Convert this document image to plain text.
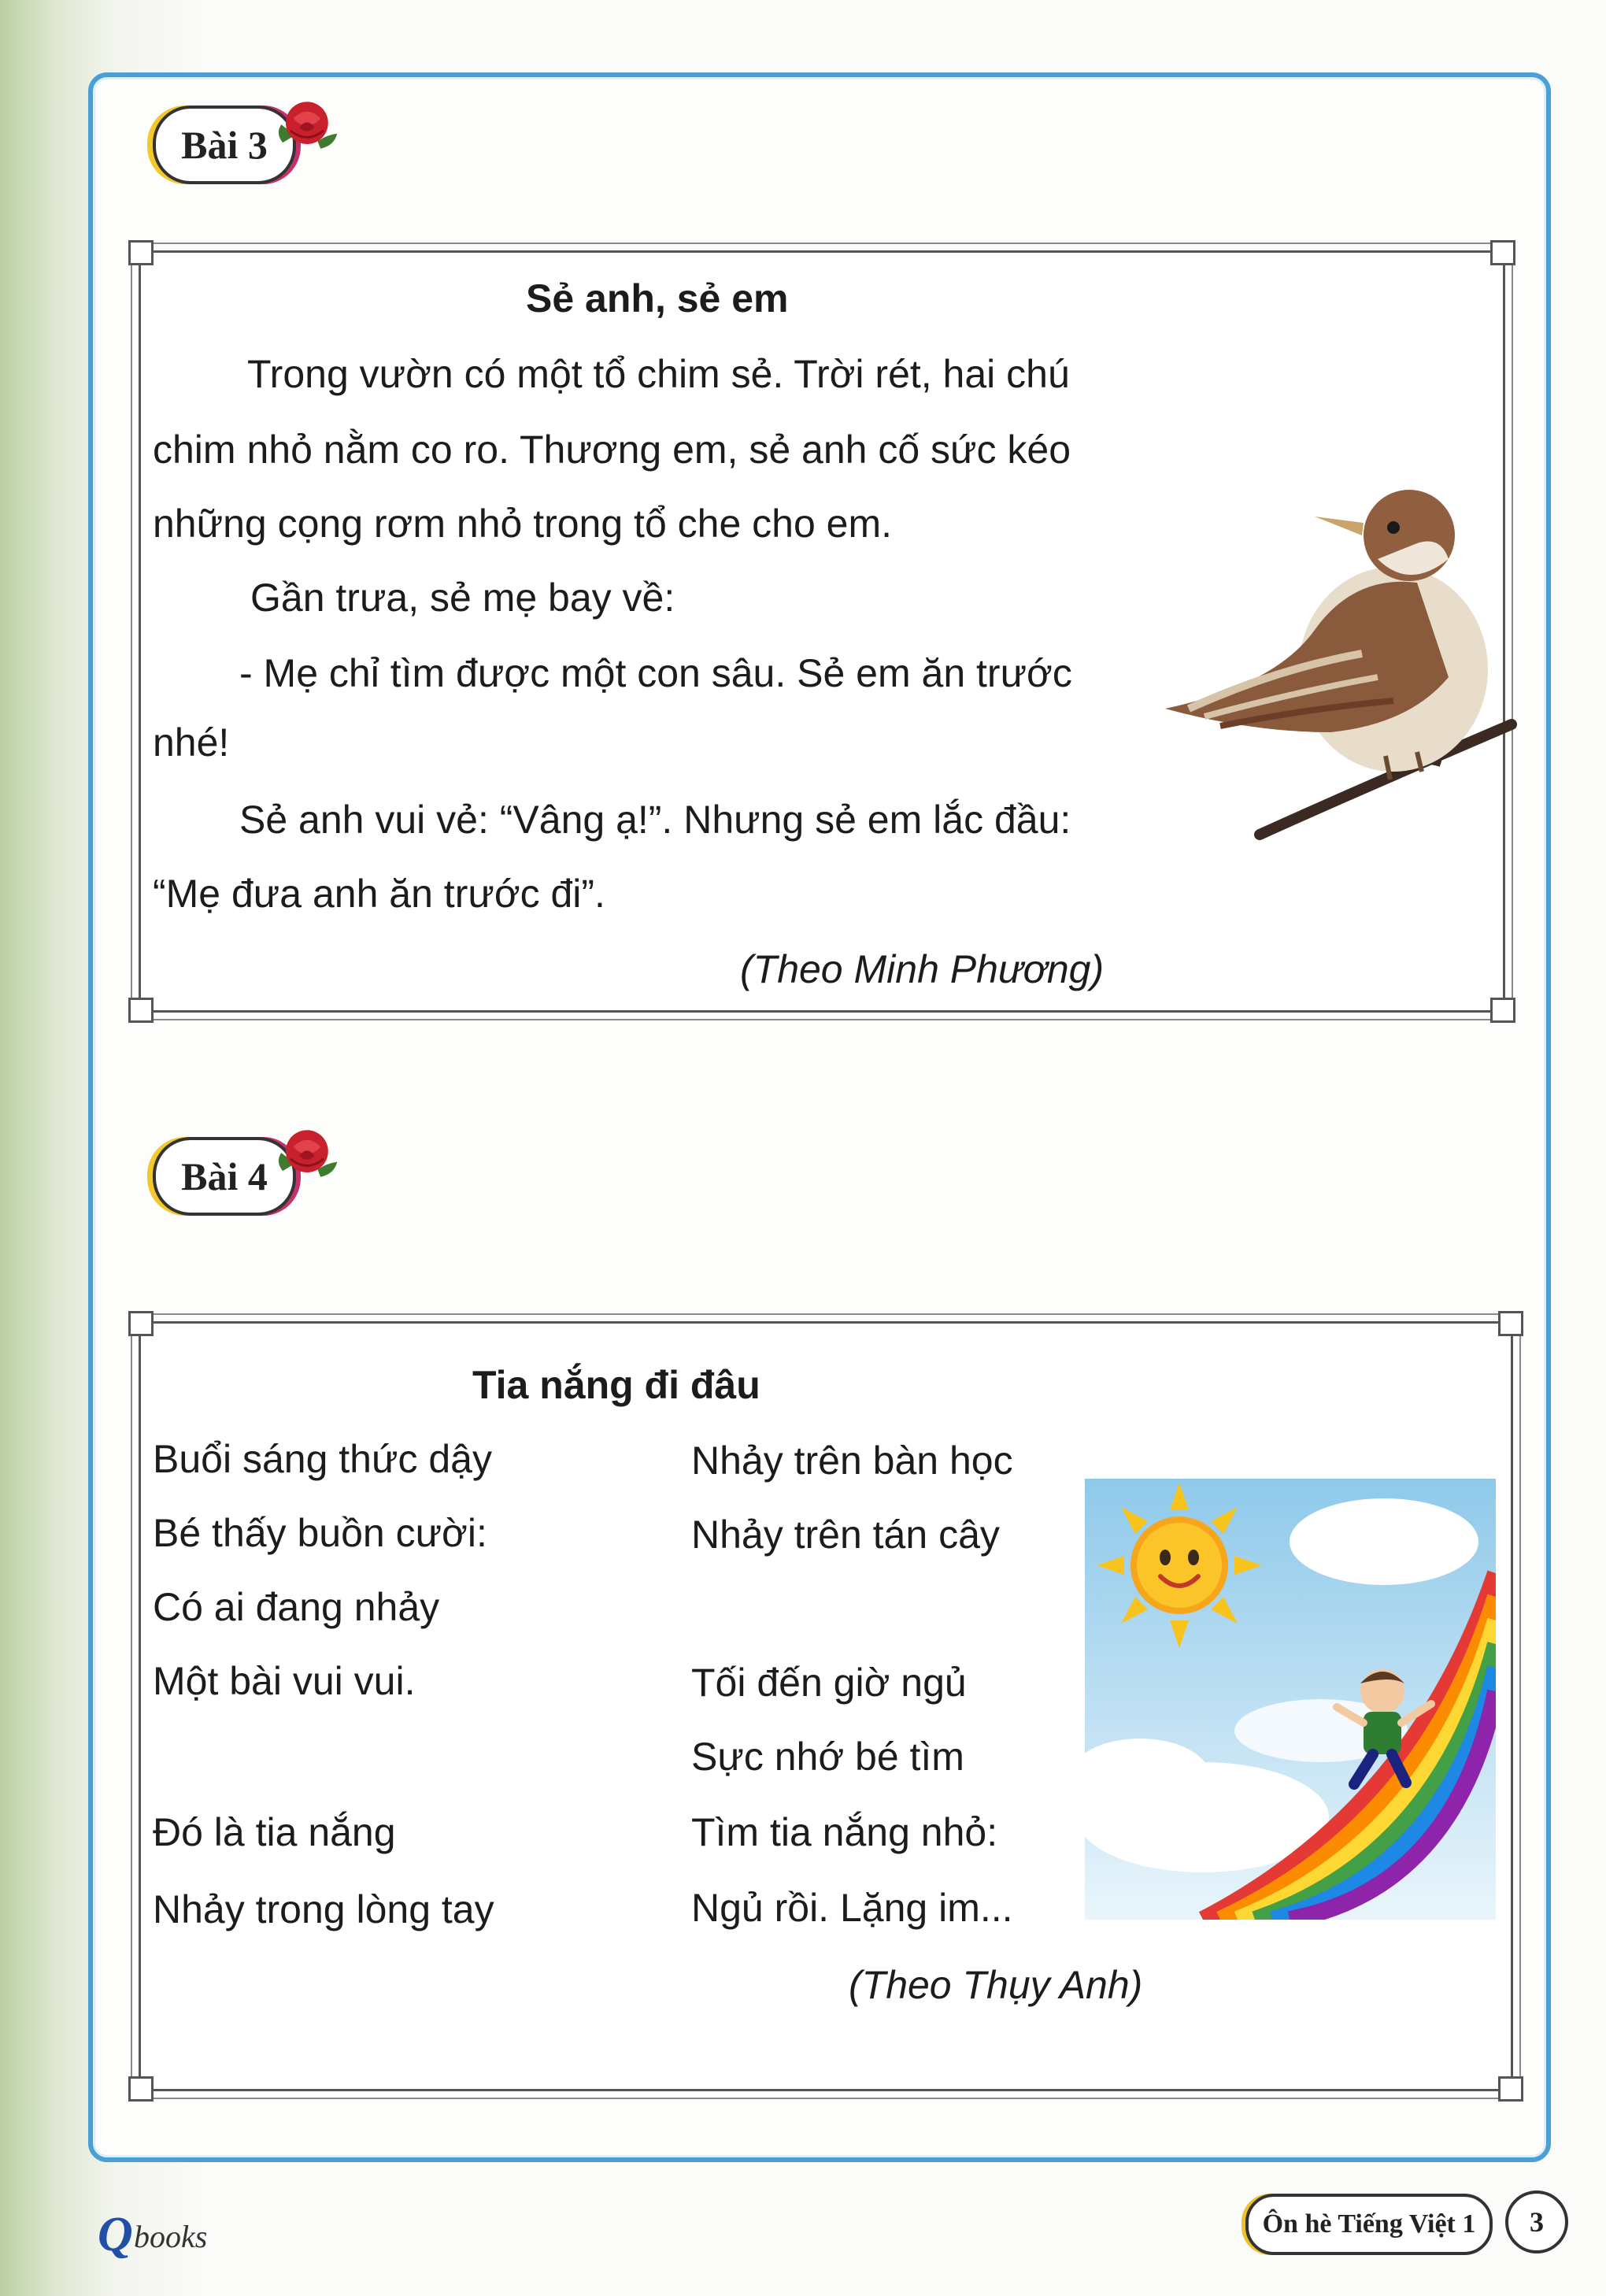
Bài 3
Sẻ anh, sẻ em
Trong vườn có một tổ chim sẻ. Trời rét, hai chú
chim nhỏ nằm co ro. Thương em, sẻ anh cố sức kéo
những cọng rơm nhỏ trong tổ che cho em.
Gần trưa, sẻ mẹ bay về:
- Mẹ chỉ tìm được một con sâu. Sẻ em ăn trước
nhé!
Sẻ anh vui vẻ: “Vâng ạ!”. Nhưng sẻ em lắc đầu:
“Mẹ đưa anh ăn trước đi”.
(Theo Minh Phương)
Bài 4
Tia nắng đi đâu
Buổi sáng thức dậy
Bé thấy buồn cười:
Có ai đang nhảy
Một bài vui vui.
Đó là tia nắng
Nhảy trong lòng tay
Nhảy trên bàn học
Nhảy trên tán cây
Tối đến giờ ngủ
Sực nhớ bé tìm
Tìm tia nắng nhỏ:
Ngủ rồi. Lặng im...
(Theo Thụy Anh)
Q books	Ôn hè Tiếng Việt 1 3
